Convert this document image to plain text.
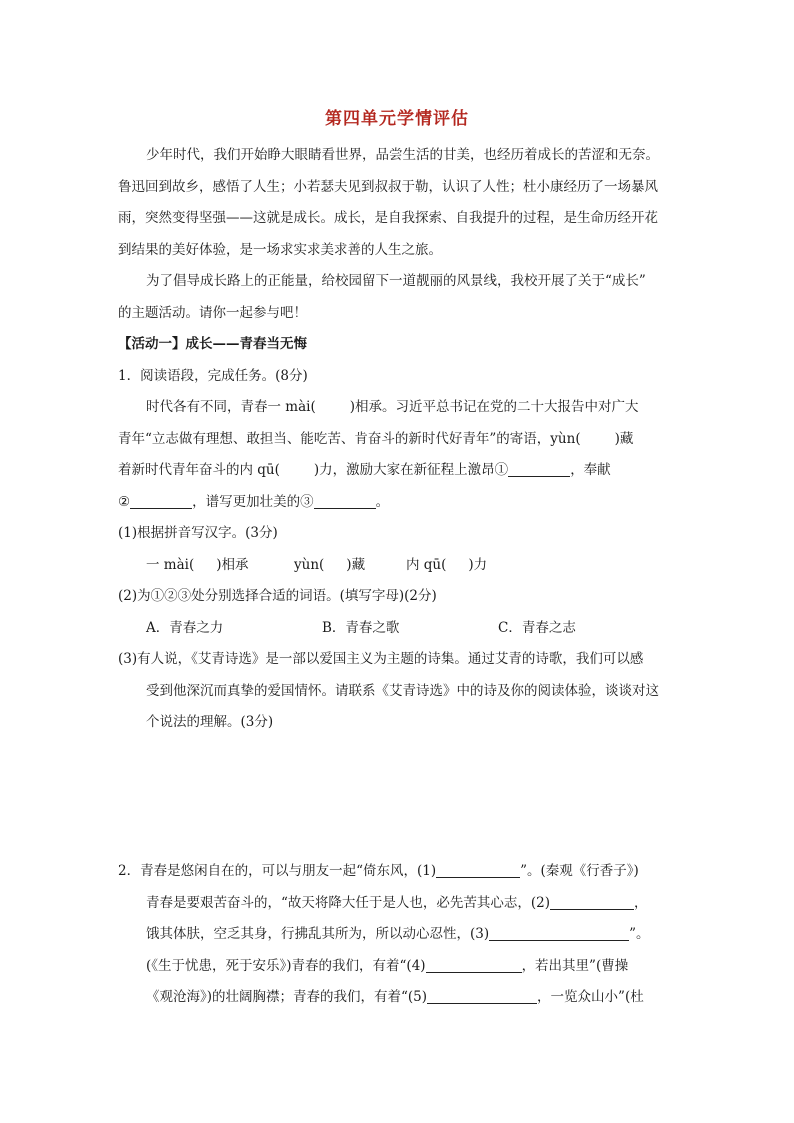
第四单元学情评估
少年时代，我们开始睁大眼睛看世界，品尝生活的甘美，也经历着成长的苦涩和无奈。
鲁迅回到故乡，感悟了人生；小若瑟夫见到叔叔于勒，认识了人性；杜小康经历了一场暴风
雨，突然变得坚强——这就是成长。成长，是自我探索、自我提升的过程，是生命历经开花
到结果的美好体验，是一场求实求美求善的人生之旅。
为了倡导成长路上的正能量，给校园留下一道靓丽的风景线，我校开展了关于“成长”
的主题活动。请你一起参与吧！
【活动一】成长——青春当无悔
1．阅读语段，完成任务。(8分)
时代各有不同，青春一 mài(	)相承。习近平总书记在党的二十大报告中对广大
青年“立志做有理想、敢担当、能吃苦、肯奋斗的新时代好青年”的寄语，yùn(	)藏
着新时代青年奋斗的内 qū(	)力，激励大家在新征程上激昂①	，奉献
②	，谱写更加壮美的③	。
(1)根据拼音写汉字。(3分)
一 mài( )相承	yùn( )藏	内 qū( )力
(2)为①②③处分别选择合适的词语。(填写字母)(2分)
A．青春之力	B．青春之歌	C．青春之志
(3)有人说，《艾青诗选》是一部以爱国主义为主题的诗集。通过艾青的诗歌，我们可以感
受到他深沉而真挚的爱国情怀。请联系《艾青诗选》中的诗及你的阅读体验，谈谈对这
个说法的理解。(3分)
2．青春是悠闲自在的，可以与朋友一起“倚东风，(1)	”。(秦观《行香子》)
青春是要艰苦奋斗的，“故天将降大任于是人也，必先苦其心志，(2)	，
饿其体肤，空乏其身，行拂乱其所为，所以动心忍性，(3)	”。
(《生于忧患，死于安乐》)青春的我们，有着“(4)	，若出其里”(曹操
《观沧海》)的壮阔胸襟；青春的我们，有着“(5)	，一览众山小”(杜
